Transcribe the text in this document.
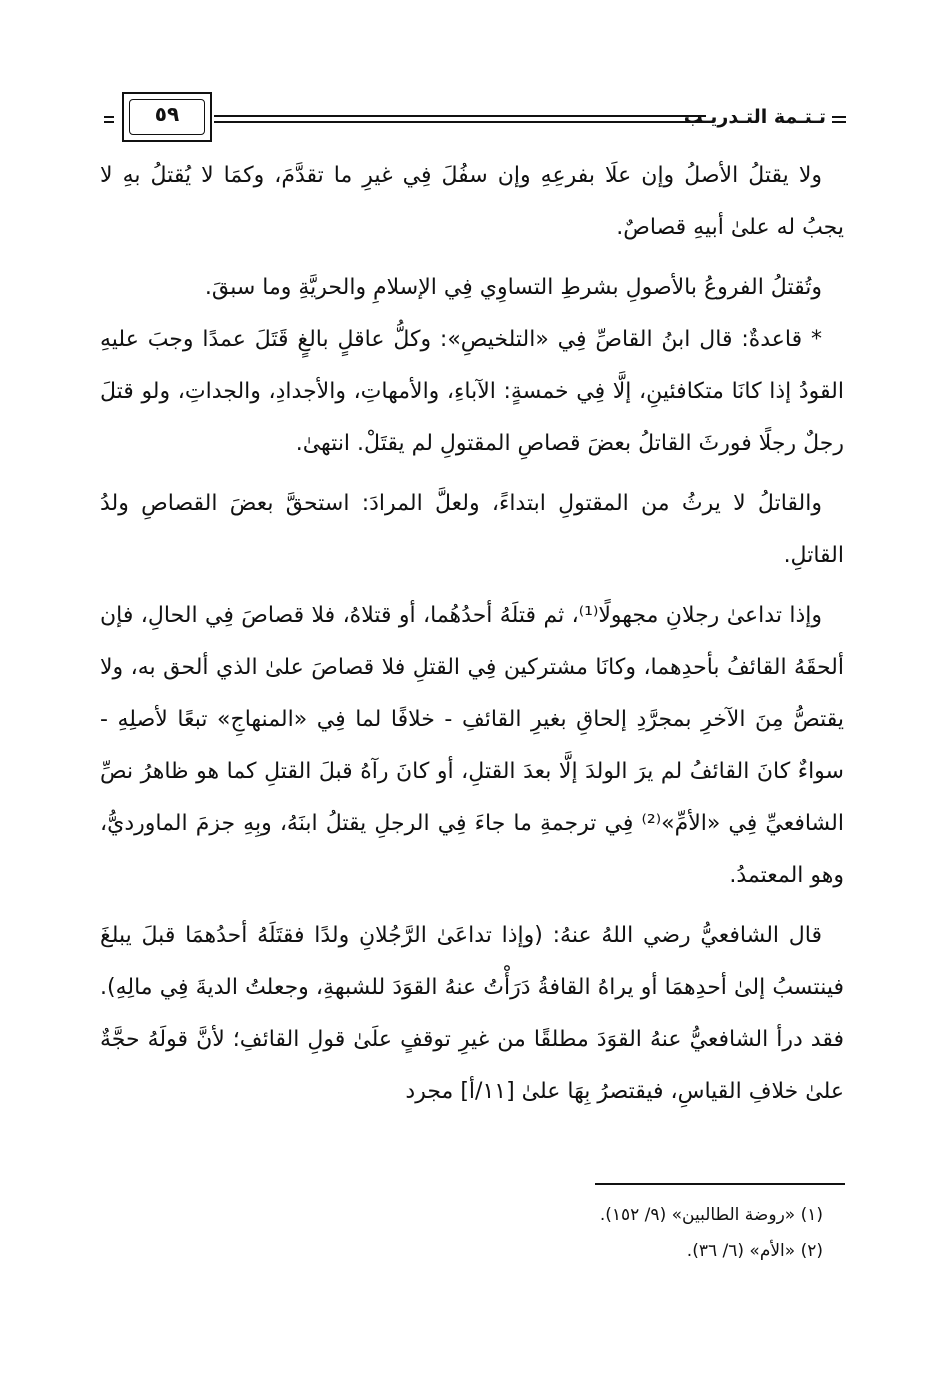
تـتـمة التـدريـب
٥٩

ولا يقتلُ الأصلُ وإن علَا بفرعِهِ وإن سفُلَ فِي غيرِ ما تقدَّمَ، وكمَا لا يُقتلُ بهِ لا يجبُ له علىٰ أبيهِ قصاصٌ.

وتُقتلُ الفروعُ بالأصولِ بشرطِ التساوِي فِي الإسلامِ والحريَّةِ وما سبقَ.

* قاعدةٌ: قال ابنُ القاصِّ فِي «التلخيصِ»: وكلُّ عاقلٍ بالغٍ قَتَلَ عمدًا وجبَ عليهِ القودُ إذا كانَا متكافئينِ، إلَّا فِي خمسةٍ: الآباءِ، والأمهاتِ، والأجدادِ، والجداتِ، ولو قتلَ رجلٌ رجلًا فورثَ القاتلُ بعضَ قصاصِ المقتولِ لم يقتَلْ. انتهىٰ.

والقاتلُ لا يرثُ من المقتولِ ابتداءً، ولعلَّ المرادَ: استحقَّ بعضَ القصاصِ ولدُ القاتلِ.

وإذا تداعىٰ رجلانِ مجهولًا⁽¹⁾، ثم قتلَهُ أحدُهُما، أو قتلاهُ، فلا قصاصَ فِي الحالِ، فإن ألحقَهُ القائفُ بأحدِهما، وكانَا مشتركين فِي القتلِ فلا قصاصَ علىٰ الذي ألحق به، ولا يقتصُّ مِنَ الآخرِ بمجرَّدِ إلحاقِ بغيرِ القائفِ - خلافًا لما فِي «المنهاجِ» تبعًا لأصلِهِ - سواءٌ كانَ القائفُ لم يرَ الولدَ إلَّا بعدَ القتلِ، أو كانَ رآهُ قبلَ القتلِ كما هو ظاهرُ نصِّ الشافعيِّ فِي «الأمِّ»⁽²⁾ فِي ترجمةِ ما جاءَ فِي الرجلِ يقتلُ ابنَهُ، وبِهِ جزمَ الماورديُّ، وهو المعتمدُ.

قال الشافعيُّ رضي اللهُ عنهُ: (وإذا تداعَىٰ الرَّجُلانِ ولدًا فقتَلَهُ أحدُهمَا قبلَ يبلغَ فينتسبُ إلىٰ أحدِهمَا أو يراهُ القافةُ دَرَأْتُ عنهُ القوَدَ للشبهةِ، وجعلتُ الديةَ فِي مالِهِ). فقد درأ الشافعيُّ عنهُ القوَدَ مطلقًا من غيرِ توقفٍ علَىٰ قولِ القائفِ؛ لأنَّ قولَهُ حجَّةٌ علىٰ خلافِ القياسِ، فيقتصرُ بِهَا علىٰ [١١/أ] مجرد

(١) «روضة الطالبين» (٩/ ١٥٢).
(٢) «الأم» (٦/ ٣٦).
